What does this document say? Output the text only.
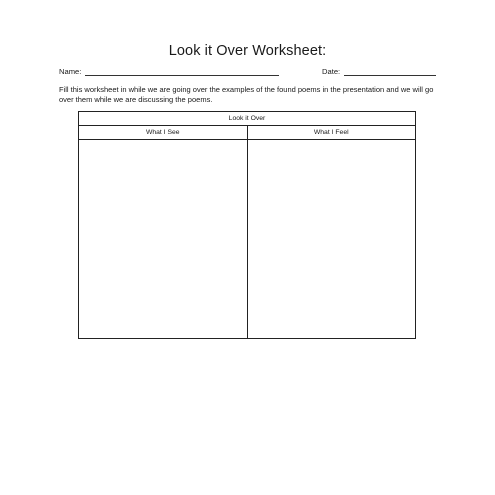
Look it Over Worksheet:
Name:	Date:
Fill this worksheet in while we are going over the examples of the found poems in the presentation and we will go over them while we are discussing the poems.
Look it Over
What I See	What I Feel
